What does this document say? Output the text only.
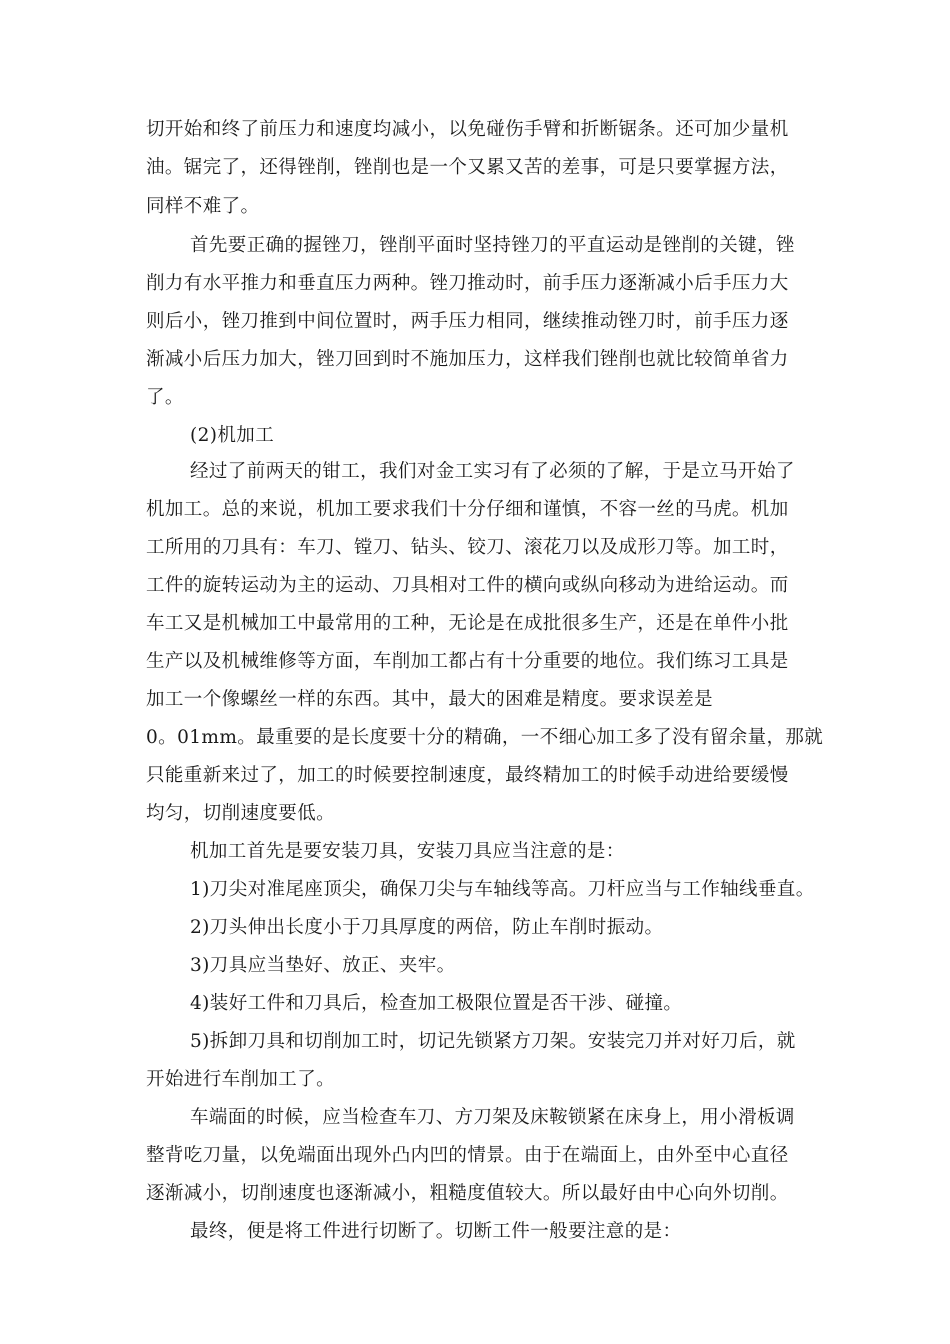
切开始和终了前压力和速度均减小，以免碰伤手臂和折断锯条。还可加少量机
油。锯完了，还得锉削，锉削也是一个又累又苦的差事，可是只要掌握方法，
同样不难了。
首先要正确的握锉刀，锉削平面时坚持锉刀的平直运动是锉削的关键，锉
削力有水平推力和垂直压力两种。锉刀推动时，前手压力逐渐减小后手压力大
则后小，锉刀推到中间位置时，两手压力相同，继续推动锉刀时，前手压力逐
渐减小后压力加大，锉刀回到时不施加压力，这样我们锉削也就比较简单省力
了。
(2)机加工
经过了前两天的钳工，我们对金工实习有了必须的了解，于是立马开始了
机加工。总的来说，机加工要求我们十分仔细和谨慎，不容一丝的马虎。机加
工所用的刀具有：车刀、镗刀、钻头、铰刀、滚花刀以及成形刀等。加工时，
工件的旋转运动为主的运动、刀具相对工件的横向或纵向移动为进给运动。而
车工又是机械加工中最常用的工种，无论是在成批很多生产，还是在单件小批
生产以及机械维修等方面，车削加工都占有十分重要的地位。我们练习工具是
加工一个像螺丝一样的东西。其中，最大的困难是精度。要求误差是
0。01mm。最重要的是长度要十分的精确，一不细心加工多了没有留余量，那就
只能重新来过了，加工的时候要控制速度，最终精加工的时候手动进给要缓慢
均匀，切削速度要低。
机加工首先是要安装刀具，安装刀具应当注意的是：
1)刀尖对准尾座顶尖，确保刀尖与车轴线等高。刀杆应当与工作轴线垂直。
2)刀头伸出长度小于刀具厚度的两倍，防止车削时振动。
3)刀具应当垫好、放正、夹牢。
4)装好工件和刀具后，检查加工极限位置是否干涉、碰撞。
5)拆卸刀具和切削加工时，切记先锁紧方刀架。安装完刀并对好刀后，就
开始进行车削加工了。
车端面的时候，应当检查车刀、方刀架及床鞍锁紧在床身上，用小滑板调
整背吃刀量，以免端面出现外凸内凹的情景。由于在端面上，由外至中心直径
逐渐减小，切削速度也逐渐减小，粗糙度值较大。所以最好由中心向外切削。
最终，便是将工件进行切断了。切断工件一般要注意的是：
